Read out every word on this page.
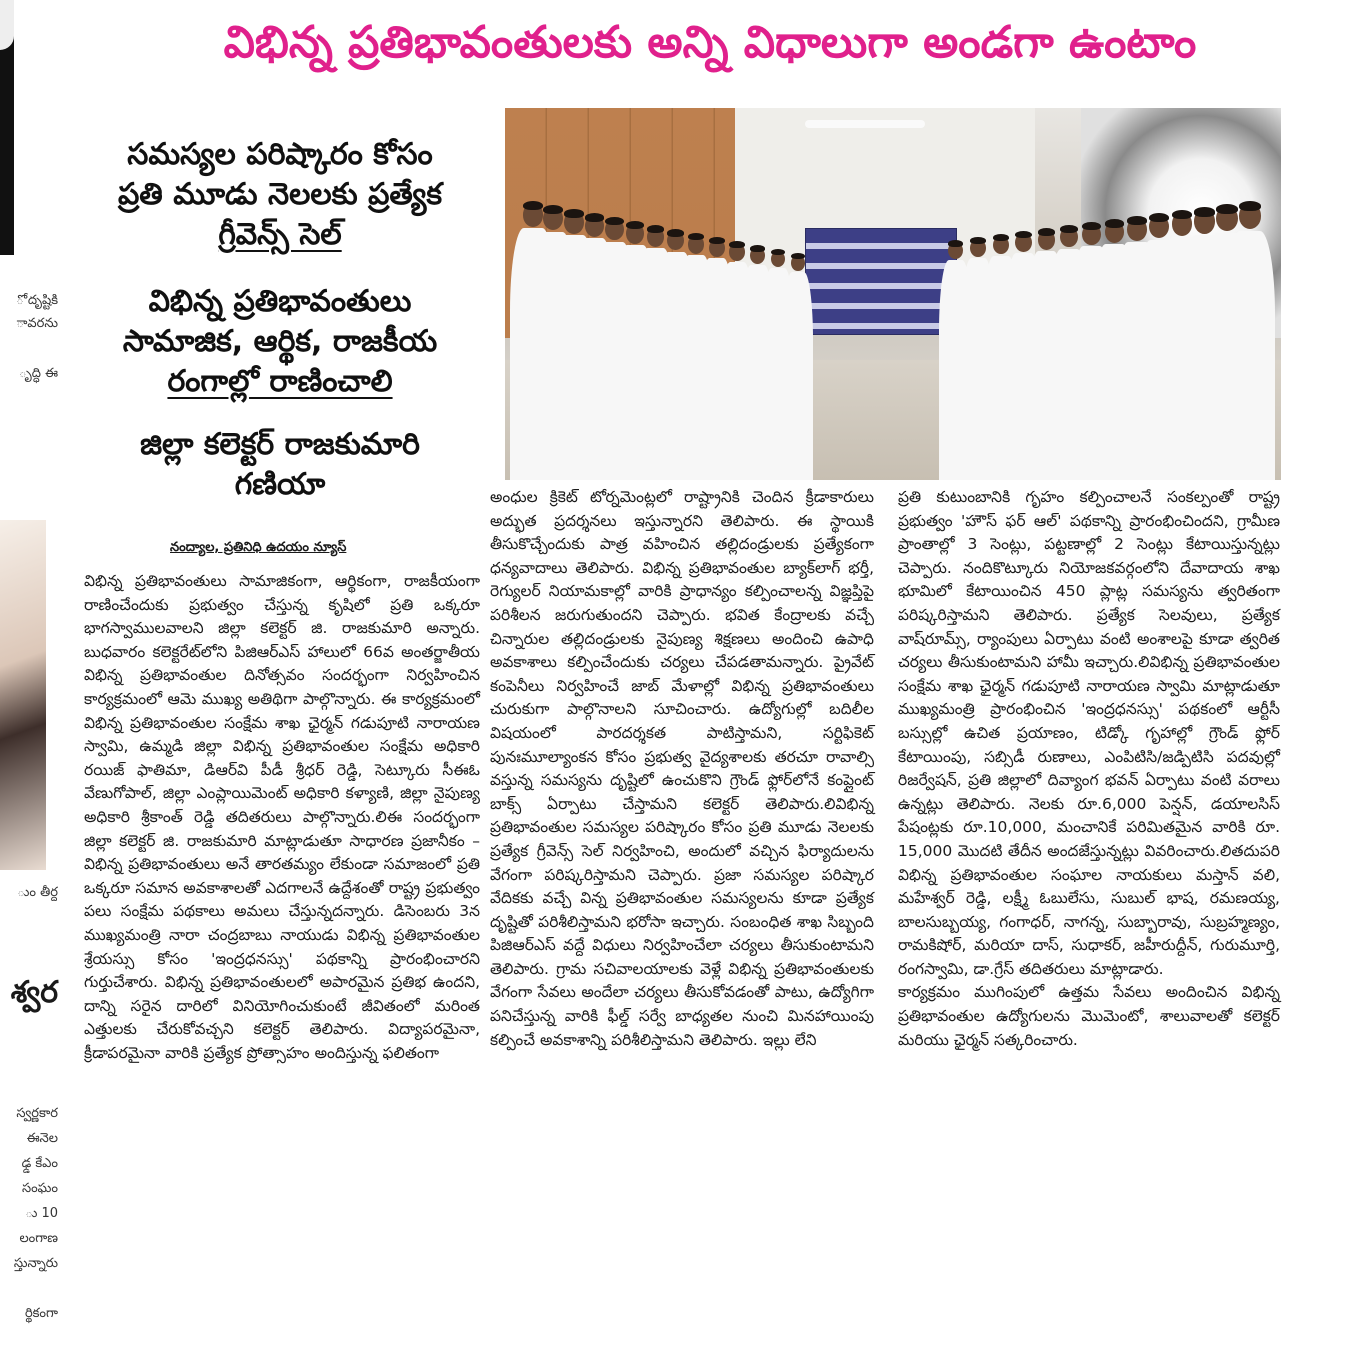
విభిన్న ప్రతిభావంతులకు అన్ని విధాలుగా అండగా ఉంటాం
ో దృష్టికి
ావరను
ృద్ధి ఈ
ుం తీర్ద
శ్వర
స్వర్ణకార
ఈనెల
ఢ్డ కేఎం
సంఘం
ు 10
లంగాణ
స్తున్నారు
ర్థికంగా
సమస్యల పరిష్కారం కోసం
ప్రతి మూడు నెలలకు ప్రత్యేక
గ్రీవెన్స్ సెల్
విభిన్న ప్రతిభావంతులు
సామాజిక, ఆర్థిక, రాజకీయ
రంగాల్లో రాణించాలి
జిల్లా కలెక్టర్ రాజకుమారి
గణియా
నంద్యాల, ప్రతినిధి ఉదయం న్యూస్

విభిన్న ప్రతిభావంతులు సామాజికంగా, ఆర్థికంగా, రాజకీయంగా రాణించేందుకు ప్రభుత్వం చేస్తున్న కృషిలో ప్రతి ఒక్కరూ భాగస్వాములవాలని జిల్లా కలెక్టర్ జి. రాజకుమారి అన్నారు. బుధవారం కలెక్టరేట్‌లోని పిజిఆర్ఎస్ హాలులో 66వ అంతర్జాతీయ విభిన్న ప్రతిభావంతుల దినోత్సవం సందర్భంగా నిర్వహించిన కార్యక్రమంలో ఆమె ముఖ్య అతిథిగా పాల్గొన్నారు. ఈ కార్యక్రమంలో విభిన్న ప్రతిభావంతుల సంక్షేమ శాఖ ఛైర్మన్ గడుపూటి నారాయణ స్వామి, ఉమ్మడి జిల్లా విభిన్న ప్రతిభావంతుల సంక్షేమ అధికారి రయిజ్ ఫాతిమా, డిఆర్‌వి పీడీ శ్రీధర్ రెడ్డి, సెట్కూరు సీఈఓ వేణుగోపాల్, జిల్లా ఎంప్లాయిమెంట్ అధికారి కళ్యాణి, జిల్లా నైపుణ్య అధికారి శ్రీకాంత్ రెడ్డి తదితరులు పాల్గొన్నారు.లిఈ సందర్భంగా జిల్లా కలెక్టర్ జి. రాజకుమారి మాట్లాడుతూ సాధారణ ప్రజానీకం – విభిన్న ప్రతిభావంతులు అనే తారతమ్యం లేకుండా సమాజంలో ప్రతి ఒక్కరూ సమాన అవకాశాలతో ఎదగాలనే ఉద్దేశంతో రాష్ట్ర ప్రభుత్వం పలు సంక్షేమ పథకాలు అమలు చేస్తున్నదన్నారు. డిసెంబరు 3న ముఖ్యమంత్రి నారా చంద్రబాబు నాయుడు విభిన్న ప్రతిభావంతుల శ్రేయస్సు కోసం 'ఇంద్రధనస్సు' పథకాన్ని ప్రారంభించారని గుర్తుచేశారు. విభిన్న ప్రతిభావంతులలో అపారమైన ప్రతిభ ఉందని, దాన్ని సరైన దారిలో వినియోగించుకుంటే జీవితంలో మరింత ఎత్తులకు చేరుకోవచ్చని కలెక్టర్ తెలిపారు. విద్యాపరమైనా, క్రీడాపరమైనా వారికి ప్రత్యేక ప్రోత్సాహం అందిస్తున్న ఫలితంగా

అంధుల క్రికెట్ టోర్నమెంట్లలో రాష్ట్రానికి చెందిన క్రీడాకారులు అద్భుత ప్రదర్శనలు ఇస్తున్నారని తెలిపారు. ఈ స్థాయికి తీసుకొచ్చేందుకు పాత్ర వహించిన తల్లిదండ్రులకు ప్రత్యేకంగా ధన్యవాదాలు తెలిపారు. విభిన్న ప్రతిభావంతుల బ్యాక్‌లాగ్ భర్తీ, రెగ్యులర్ నియామకాల్లో వారికి ప్రాధాన్యం కల్పించాలన్న విజ్ఞప్తిపై పరిశీలన జరుగుతుందని చెప్పారు. భవిత కేంద్రాలకు వచ్చే చిన్నారుల తల్లిదండ్రులకు నైపుణ్య శిక్షణలు అందించి ఉపాధి అవకాశాలు కల్పించేందుకు చర్యలు చేపడతామన్నారు. ప్రైవేట్ కంపెనీలు నిర్వహించే జాబ్ మేళాల్లో విభిన్న ప్రతిభావంతులు చురుకుగా పాల్గొనాలని సూచించారు. ఉద్యోగుల్లో బదిలీల విషయంలో పారదర్శకత పాటిస్తామని, సర్టిఫికెట్ పునఃమూల్యాంకన కోసం ప్రభుత్వ వైద్యశాలకు తరచూ రావాల్సి వస్తున్న సమస్యను దృష్టిలో ఉంచుకొని గ్రౌండ్ ఫ్లోర్‌లోనే కంప్లైంట్ బాక్స్ ఏర్పాటు చేస్తామని కలెక్టర్ తెలిపారు.లివిభిన్న ప్రతిభావంతుల సమస్యల పరిష్కారం కోసం ప్రతి మూడు నెలలకు ప్రత్యేక గ్రీవెన్స్ సెల్ నిర్వహించి, అందులో వచ్చిన ఫిర్యాదులను వేగంగా పరిష్కరిస్తామని చెప్పారు. ప్రజా సమస్యల పరిష్కార వేదికకు వచ్చే విన్న ప్రతిభావంతుల సమస్యలను కూడా ప్రత్యేక దృష్టితో పరిశీలిస్తామని భరోసా ఇచ్చారు. సంబంధిత శాఖ సిబ్బంది పిజిఆర్ఎస్ వద్దే విధులు నిర్వహించేలా చర్యలు తీసుకుంటామని తెలిపారు. గ్రామ సచివాలయాలకు వెళ్లే విభిన్న ప్రతిభావంతులకు వేగంగా సేవలు అందేలా చర్యలు తీసుకోవడంతో పాటు, ఉద్యోగిగా పనిచేస్తున్న వారికి ఫీల్డ్ సర్వే బాధ్యతల నుంచి మినహాయింపు కల్పించే అవకాశాన్ని పరిశీలిస్తామని తెలిపారు. ఇల్లు లేని

ప్రతి కుటుంబానికి గృహం కల్పించాలనే సంకల్పంతో రాష్ట్ర ప్రభుత్వం 'హౌస్ ఫర్ ఆల్' పథకాన్ని ప్రారంభించిందని, గ్రామీణ ప్రాంతాల్లో 3 సెంట్లు, పట్టణాల్లో 2 సెంట్లు కేటాయిస్తున్నట్లు చెప్పారు. నందికొట్కూరు నియోజకవర్గంలోని దేవాదాయ శాఖ భూమిలో కేటాయించిన 450 ప్లాట్ల సమస్యను త్వరితంగా పరిష్కరిస్తామని తెలిపారు. ప్రత్యేక సెలవులు, ప్రత్యేక వాష్‌రూమ్స్, ర్యాంపులు ఏర్పాటు వంటి అంశాలపై కూడా త్వరిత చర్యలు తీసుకుంటామని హామీ ఇచ్చారు.లివిభిన్న ప్రతిభావంతుల సంక్షేమ శాఖ ఛైర్మన్ గడుపూటి నారాయణ స్వామి మాట్లాడుతూ ముఖ్యమంత్రి ప్రారంభించిన 'ఇంద్రధనస్సు' పథకంలో ఆర్టీసీ బస్సుల్లో ఉచిత ప్రయాణం, టిడ్కో గృహాల్లో గ్రౌండ్ ఫ్లోర్ కేటాయింపు, సబ్సిడీ రుణాలు, ఎంపిటిసి/జడ్పిటిసి పదవుల్లో రిజర్వేషన్, ప్రతి జిల్లాలో దివ్యాంగ భవన్ ఏర్పాటు వంటి వరాలు ఉన్నట్లు తెలిపారు. నెలకు రూ.6,000 పెన్షన్, డయాలసిస్ పేషంట్లకు రూ.10,000, మంచానికే పరిమితమైన వారికి రూ. 15,000 మొదటి తేదీన అందజేస్తున్నట్లు వివరించారు.లితదుపరి విభిన్న ప్రతిభావంతుల సంఘాల నాయకులు మస్తాన్ వలి, మహేశ్వర్ రెడ్డి, లక్ష్మీ ఓబులేసు, సుబుల్ భాష, రమణయ్య, బాలసుబ్బయ్య, గంగాధర్, నాగన్న, సుబ్బారావు, సుబ్రహ్మణ్యం, రామకిషోర్, మరియా దాస్, సుధాకర్, జహీరుద్దీన్, గురుమూర్తి, రంగస్వామి, డా.గ్రేస్ తదితరులు మాట్లాడారు.

కార్యక్రమం ముగింపులో ఉత్తమ సేవలు అందించిన విభిన్న ప్రతిభావంతుల ఉద్యోగులను మొమెంటో, శాలువాలతో కలెక్టర్ మరియు ఛైర్మన్ సత్కరించారు.
